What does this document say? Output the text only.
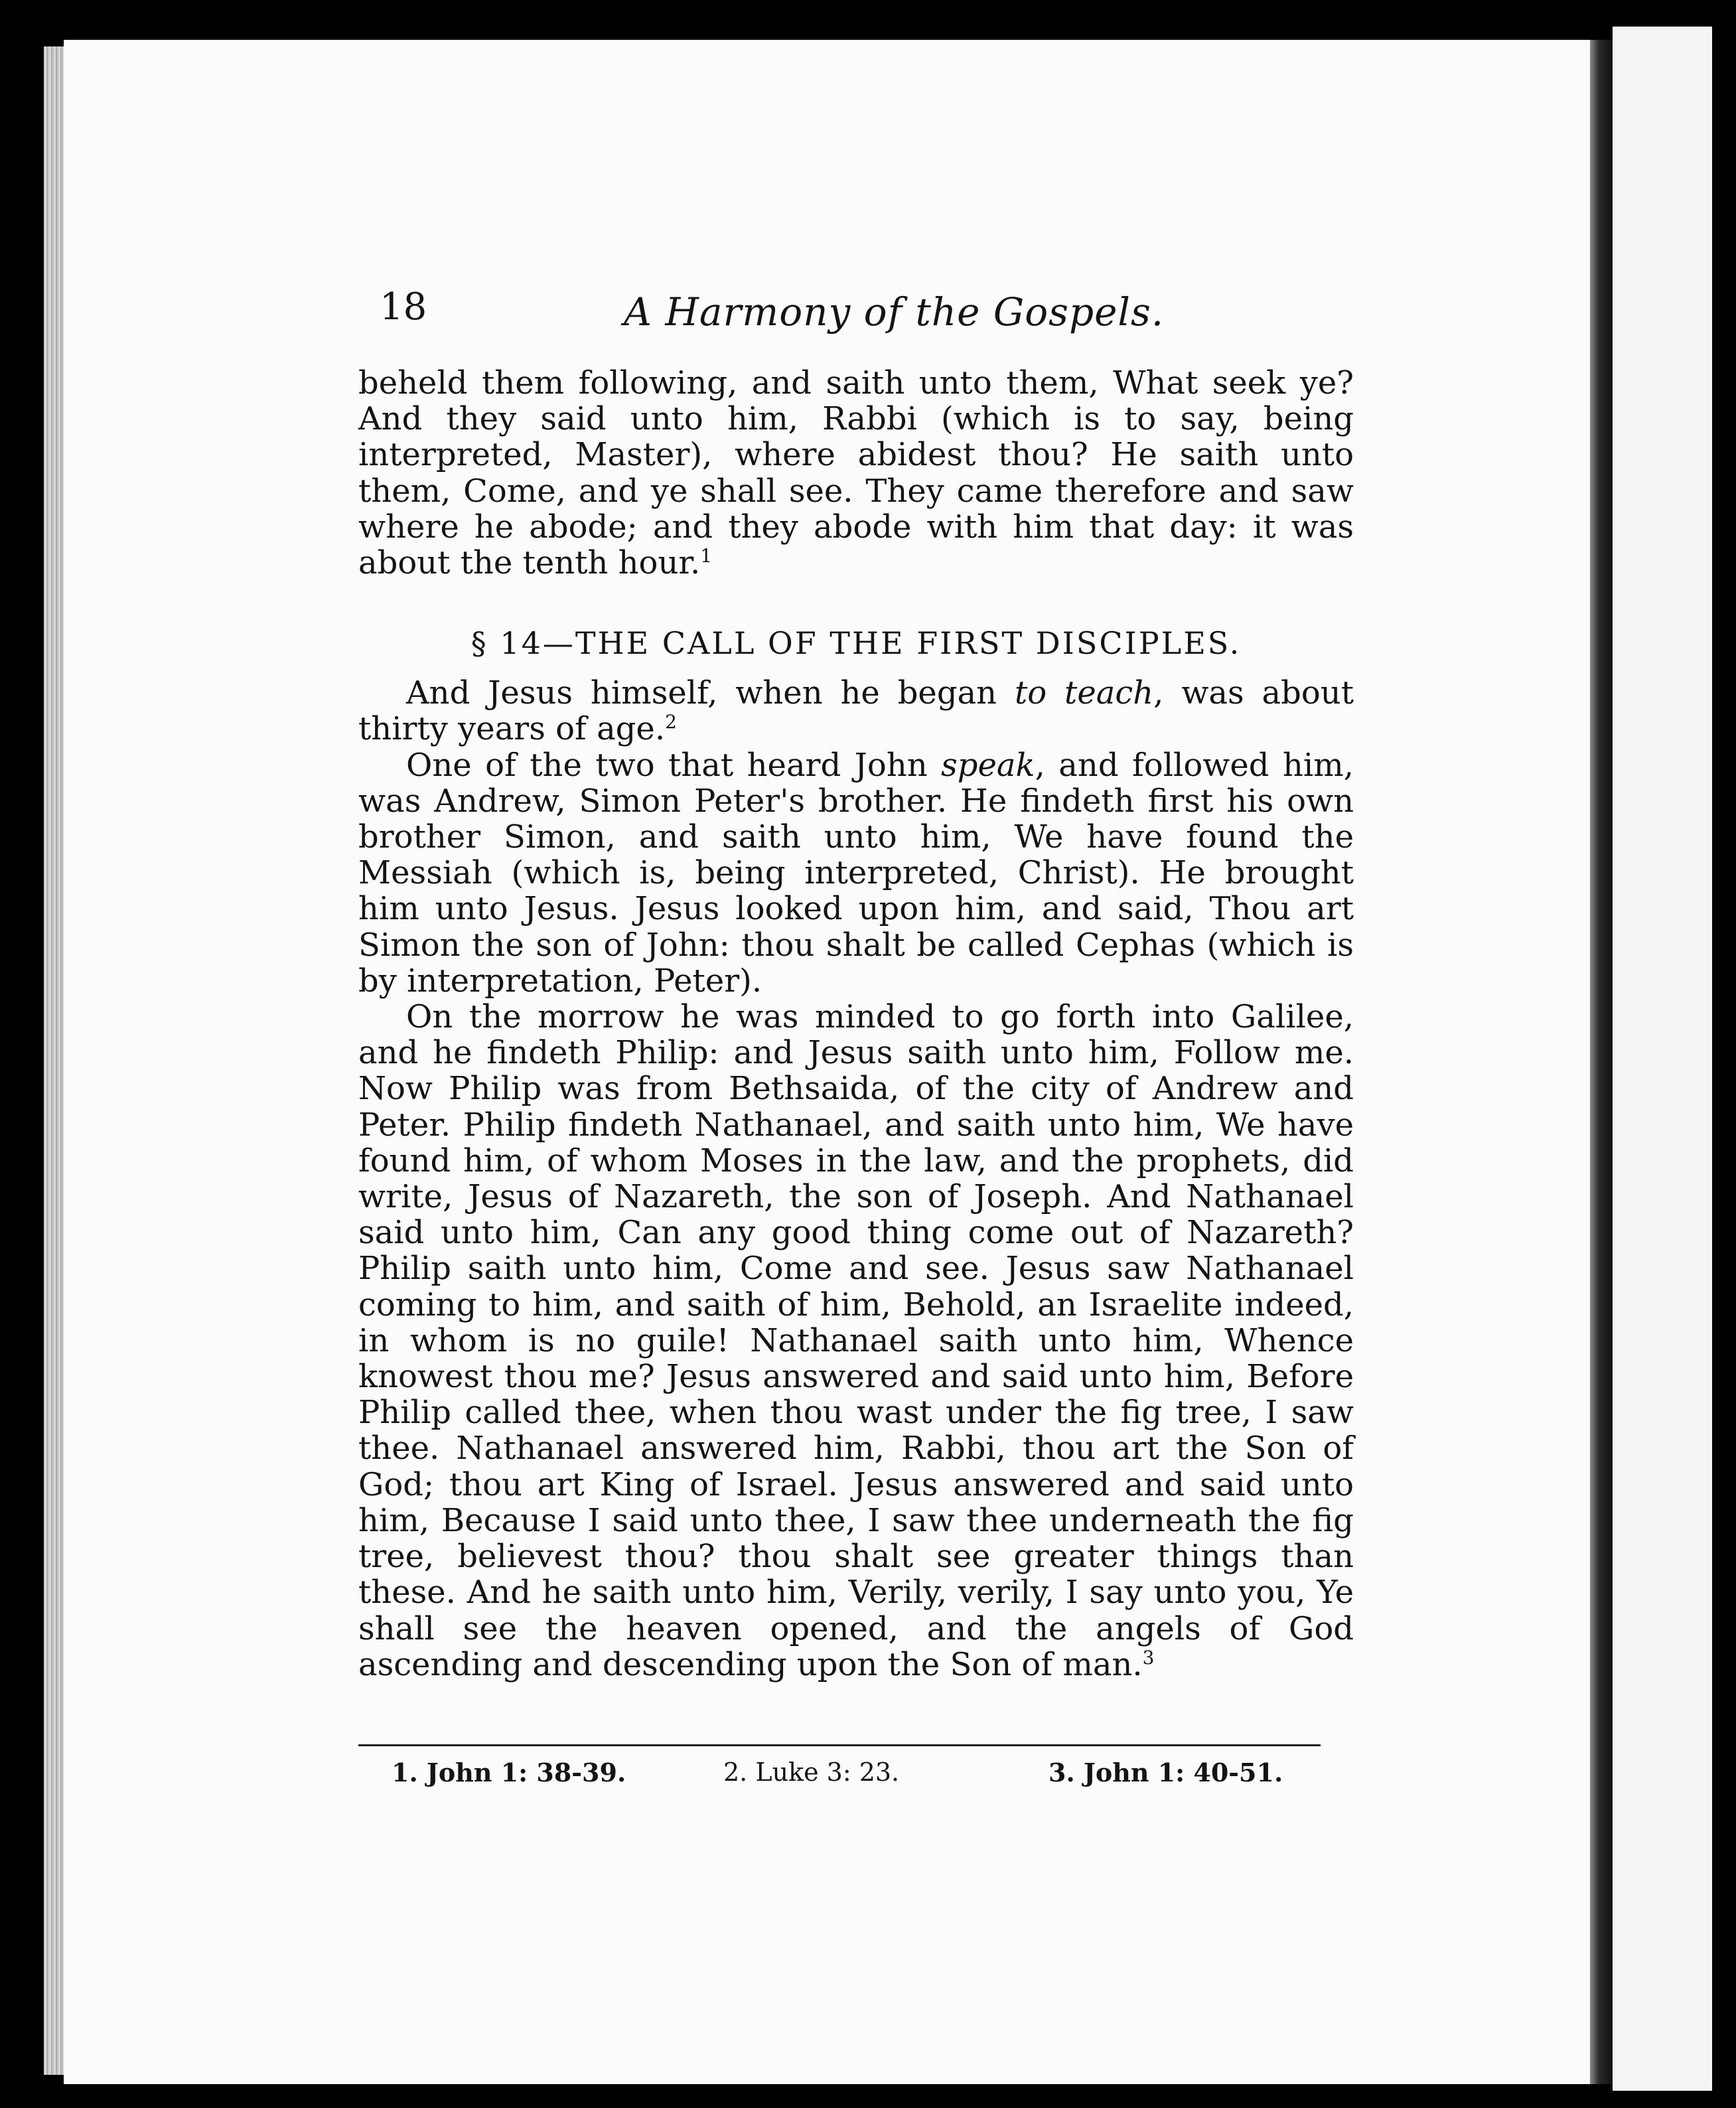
18	A Harmony of the Gospels.

beheld them following, and saith unto them, What seek ye? And they said unto him, Rabbi (which is to say, being interpreted, Master), where abidest thou? He saith unto them, Come, and ye shall see. They came therefore and saw where he abode; and they abode with him that day: it was about the tenth hour.$^1$

§ 14—THE CALL OF THE FIRST DISCIPLES.

And Jesus himself, when he began to teach, was about thirty years of age.$^2$

One of the two that heard John speak, and followed him, was Andrew, Simon Peter's brother. He findeth first his own brother Simon, and saith unto him, We have found the Messiah (which is, being interpreted, Christ). He brought him unto Jesus. Jesus looked upon him, and said, Thou art Simon the son of John: thou shalt be called Cephas (which is by interpretation, Peter).

On the morrow he was minded to go forth into Galilee, and he findeth Philip: and Jesus saith unto him, Follow me. Now Philip was from Bethsaida, of the city of Andrew and Peter. Philip findeth Nathanael, and saith unto him, We have found him, of whom Moses in the law, and the prophets, did write, Jesus of Nazareth, the son of Joseph. And Nathanael said unto him, Can any good thing come out of Nazareth? Philip saith unto him, Come and see. Jesus saw Nathanael coming to him, and saith of him, Behold, an Israelite indeed, in whom is no guile! Nathanael saith unto him, Whence knowest thou me? Jesus answered and said unto him, Before Philip called thee, when thou wast under the fig tree, I saw thee. Nathanael answered him, Rabbi, thou art the Son of God; thou art King of Israel. Jesus answered and said unto him, Because I said unto thee, I saw thee underneath the fig tree, believest thou? thou shalt see greater things than these. And he saith unto him, Verily, verily, I say unto you, Ye shall see the heaven opened, and the angels of God ascending and descending upon the Son of man.$^3$

1. John 1: 38-39.	2. Luke 3: 23.	3. John 1: 40-51.
